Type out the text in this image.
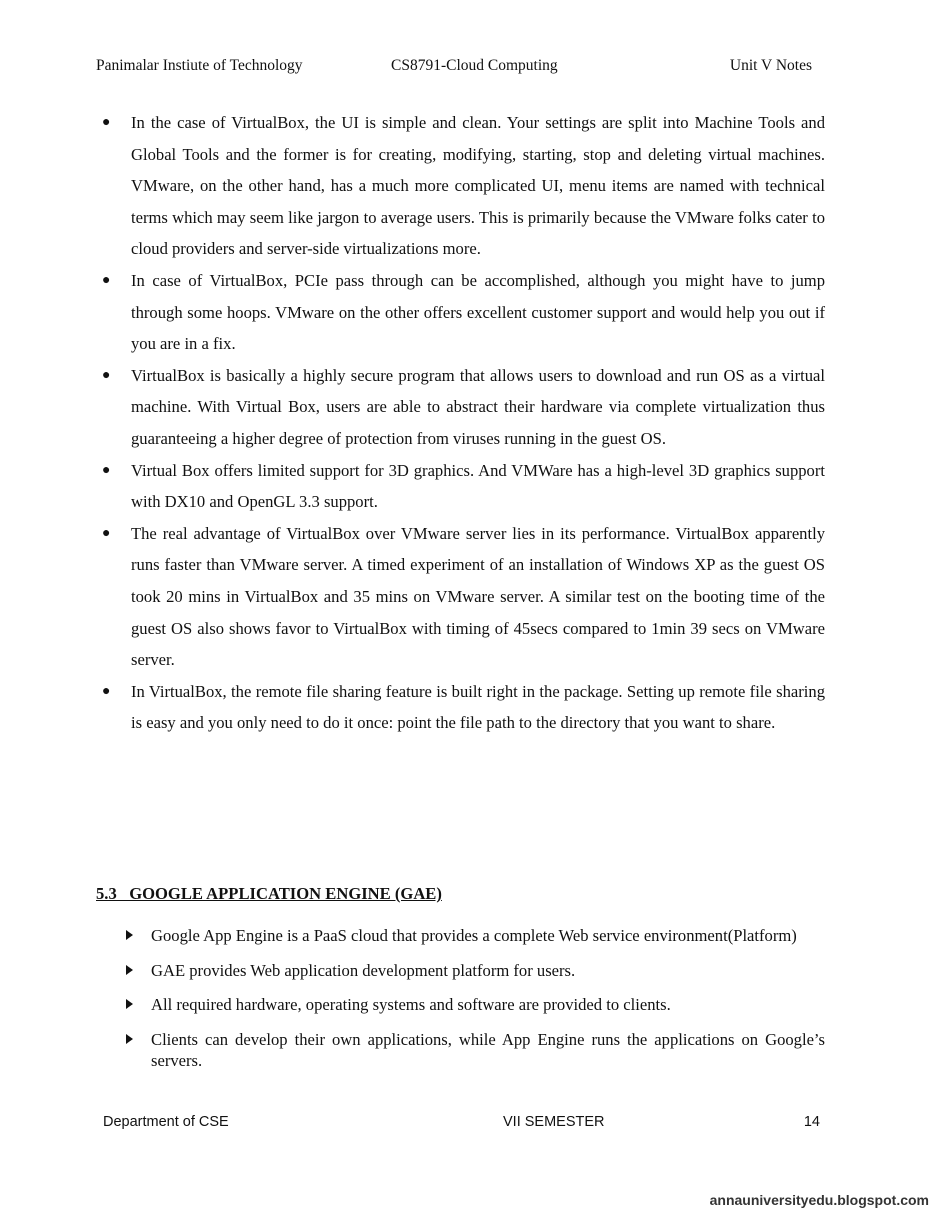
Panimalar Instiute of Technology	CS8791-Cloud Computing	Unit V Notes
● In the case of VirtualBox, the UI is simple and clean. Your settings are split into Machine Tools and Global Tools and the former is for creating, modifying, starting, stop and deleting virtual machines. VMware, on the other hand, has a much more complicated UI, menu items are named with technical terms which may seem like jargon to average users. This is primarily because the VMware folks cater to cloud providers and server-side virtualizations more.
● In case of VirtualBox, PCIe pass through can be accomplished, although you might have to jump through some hoops. VMware on the other offers excellent customer support and would help you out if you are in a fix.
● VirtualBox is basically a highly secure program that allows users to download and run OS as a virtual machine. With Virtual Box, users are able to abstract their hardware via complete virtualization thus guaranteeing a higher degree of protection from viruses running in the guest OS.
● Virtual Box offers limited support for 3D graphics. And VMWare has a high-level 3D graphics support with DX10 and OpenGL 3.3 support.
● The real advantage of VirtualBox over VMware server lies in its performance. VirtualBox apparently runs faster than VMware server. A timed experiment of an installation of Windows XP as the guest OS took 20 mins in VirtualBox and 35 mins on VMware server. A similar test on the booting time of the guest OS also shows favor to VirtualBox with timing of 45secs compared to 1min 39 secs on VMware server.
● In VirtualBox, the remote file sharing feature is built right in the package. Setting up remote file sharing is easy and you only need to do it once: point the file path to the directory that you want to share.
5.3   GOOGLE APPLICATION ENGINE (GAE)
Google App Engine is a PaaS cloud that provides a complete Web service environment(Platform)
GAE provides Web application development platform for users.
All required hardware, operating systems and software are provided to clients.
Clients can develop their own applications, while App Engine runs the applications on Google’s servers.
Department of CSE	VII SEMESTER	14
annauniversityedu.blogspot.com
